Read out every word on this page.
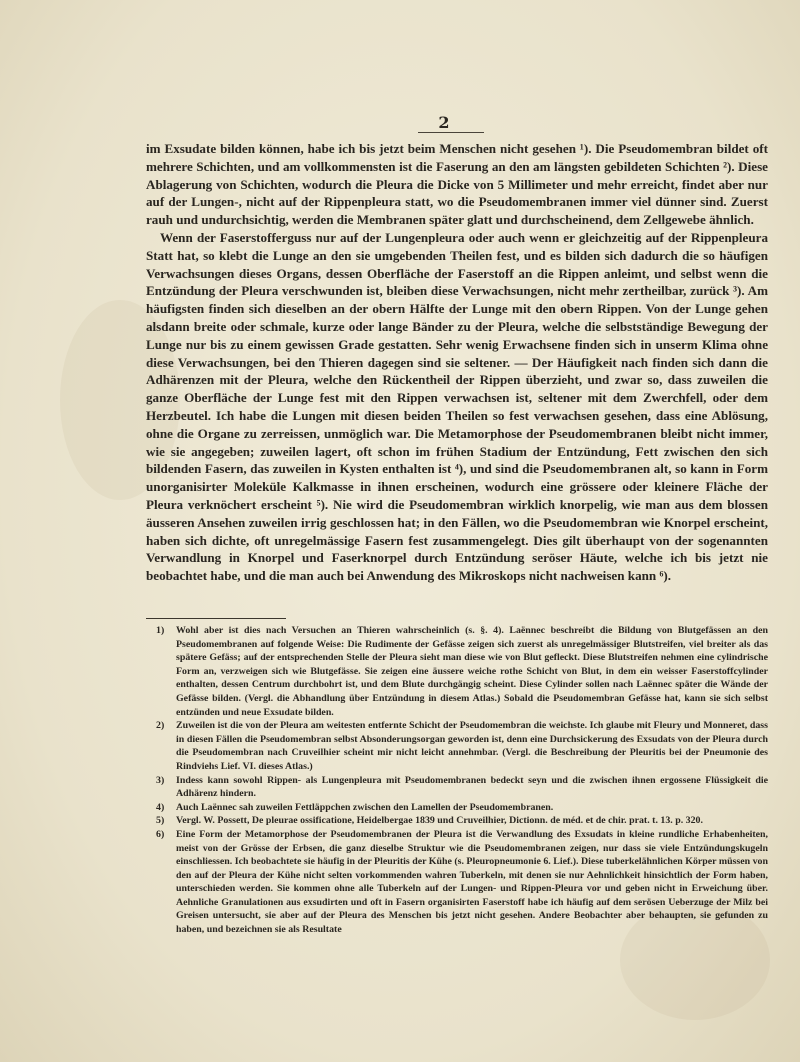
2

im Exsudate bilden können, habe ich bis jetzt beim Menschen nicht gesehen ¹). Die Pseudomembran bildet oft mehrere Schichten, und am vollkommensten ist die Faserung an den am längsten gebildeten Schichten ²). Diese Ablagerung von Schichten, wodurch die Pleura die Dicke von 5 Millimeter und mehr erreicht, findet aber nur auf der Lungen-, nicht auf der Rippenpleura statt, wo die Pseudomembranen immer viel dünner sind. Zuerst rauh und undurchsichtig, werden die Membranen später glatt und durchscheinend, dem Zellgewebe ähnlich.

Wenn der Faserstofferguss nur auf der Lungenpleura oder auch wenn er gleichzeitig auf der Rippenpleura Statt hat, so klebt die Lunge an den sie umgebenden Theilen fest, und es bilden sich dadurch die so häufigen Verwachsungen dieses Organs, dessen Oberfläche der Faserstoff an die Rippen anleimt, und selbst wenn die Entzündung der Pleura verschwunden ist, bleiben diese Verwachsungen, nicht mehr zertheilbar, zurück ³). Am häufigsten finden sich dieselben an der obern Hälfte der Lunge mit den obern Rippen. Von der Lunge gehen alsdann breite oder schmale, kurze oder lange Bänder zu der Pleura, welche die selbstständige Bewegung der Lunge nur bis zu einem gewissen Grade gestatten. Sehr wenig Erwachsene finden sich in unserm Klima ohne diese Verwachsungen, bei den Thieren dagegen sind sie seltener. — Der Häufigkeit nach finden sich dann die Adhärenzen mit der Pleura, welche den Rückentheil der Rippen überzieht, und zwar so, dass zuweilen die ganze Oberfläche der Lunge fest mit den Rippen verwachsen ist, seltener mit dem Zwerchfell, oder dem Herzbeutel. Ich habe die Lungen mit diesen beiden Theilen so fest verwachsen gesehen, dass eine Ablösung, ohne die Organe zu zerreissen, unmöglich war. Die Metamorphose der Pseudomembranen bleibt nicht immer, wie sie angegeben; zuweilen lagert, oft schon im frühen Stadium der Entzündung, Fett zwischen den sich bildenden Fasern, das zuweilen in Kysten enthalten ist ⁴), und sind die Pseudomembranen alt, so kann in Form unorganisirter Moleküle Kalkmasse in ihnen erscheinen, wodurch eine grössere oder kleinere Fläche der Pleura verknöchert erscheint ⁵). Nie wird die Pseudomembran wirklich knorpelig, wie man aus dem blossen äusseren Ansehen zuweilen irrig geschlossen hat; in den Fällen, wo die Pseudomembran wie Knorpel erscheint, haben sich dichte, oft unregelmässige Fasern fest zusammengelegt. Dies gilt überhaupt von der sogenannten Verwandlung in Knorpel und Faserknorpel durch Entzündung seröser Häute, welche ich bis jetzt nie beobachtet habe, und die man auch bei Anwendung des Mikroskops nicht nachweisen kann ⁶).

1)	Wohl aber ist dies nach Versuchen an Thieren wahrscheinlich (s. §. 4). Laënnec beschreibt die Bildung von Blutgefässen an den Pseudomembranen auf folgende Weise: Die Rudimente der Gefässe zeigen sich zuerst als unregelmässiger Blutstreifen, viel breiter als das spätere Gefäss; auf der entsprechenden Stelle der Pleura sieht man diese wie von Blut gefleckt. Diese Blutstreifen nehmen eine cylindrische Form an, verzweigen sich wie Blutgefässe. Sie zeigen eine äussere weiche rothe Schicht von Blut, in dem ein weisser Faserstoffcylinder enthalten, dessen Centrum durchbohrt ist, und dem Blute durchgängig scheint. Diese Cylinder sollen nach Laënnec später die Wände der Gefässe bilden. (Vergl. die Abhandlung über Entzündung in diesem Atlas.) Sobald die Pseudomembran Gefässe hat, kann sie sich selbst entzünden und neue Exsudate bilden.
2)	Zuweilen ist die von der Pleura am weitesten entfernte Schicht der Pseudomembran die weichste. Ich glaube mit Fleury und Monneret, dass in diesen Fällen die Pseudomembran selbst Absonderungsorgan geworden ist, denn eine Durchsickerung des Exsudats von der Pleura durch die Pseudomembran nach Cruveilhier scheint mir nicht leicht annehmbar. (Vergl. die Beschreibung der Pleuritis bei der Pneumonie des Rindviehs Lief. VI. dieses Atlas.)
3)	Indess kann sowohl Rippen- als Lungenpleura mit Pseudomembranen bedeckt seyn und die zwischen ihnen ergossene Flüssigkeit die Adhärenz hindern.
4)	Auch Laënnec sah zuweilen Fettläppchen zwischen den Lamellen der Pseudomembranen.
5)	Vergl. W. Possett, De pleurae ossificatione, Heidelbergae 1839 und Cruveilhier, Dictionn. de méd. et de chir. prat. t. 13. p. 320.
6)	Eine Form der Metamorphose der Pseudomembranen der Pleura ist die Verwandlung des Exsudats in kleine rundliche Erhabenheiten, meist von der Grösse der Erbsen, die ganz dieselbe Struktur wie die Pseudomembranen zeigen, nur dass sie viele Entzündungskugeln einschliessen. Ich beobachtete sie häufig in der Pleuritis der Kühe (s. Pleuropneumonie 6. Lief.). Diese tuberkelähnlichen Körper müssen von den auf der Pleura der Kühe nicht selten vorkommenden wahren Tuberkeln, mit denen sie nur Aehnlichkeit hinsichtlich der Form haben, unterschieden werden. Sie kommen ohne alle Tuberkeln auf der Lungen- und Rippen-Pleura vor und geben nicht in Erweichung über. Aehnliche Granulationen aus exsudirten und oft in Fasern organisirten Faserstoff habe ich häufig auf dem serösen Ueberzuge der Milz bei Greisen untersucht, sie aber auf der Pleura des Menschen bis jetzt nicht gesehen. Andere Beobachter aber behaupten, sie gefunden zu haben, und bezeichnen sie als Resultate
